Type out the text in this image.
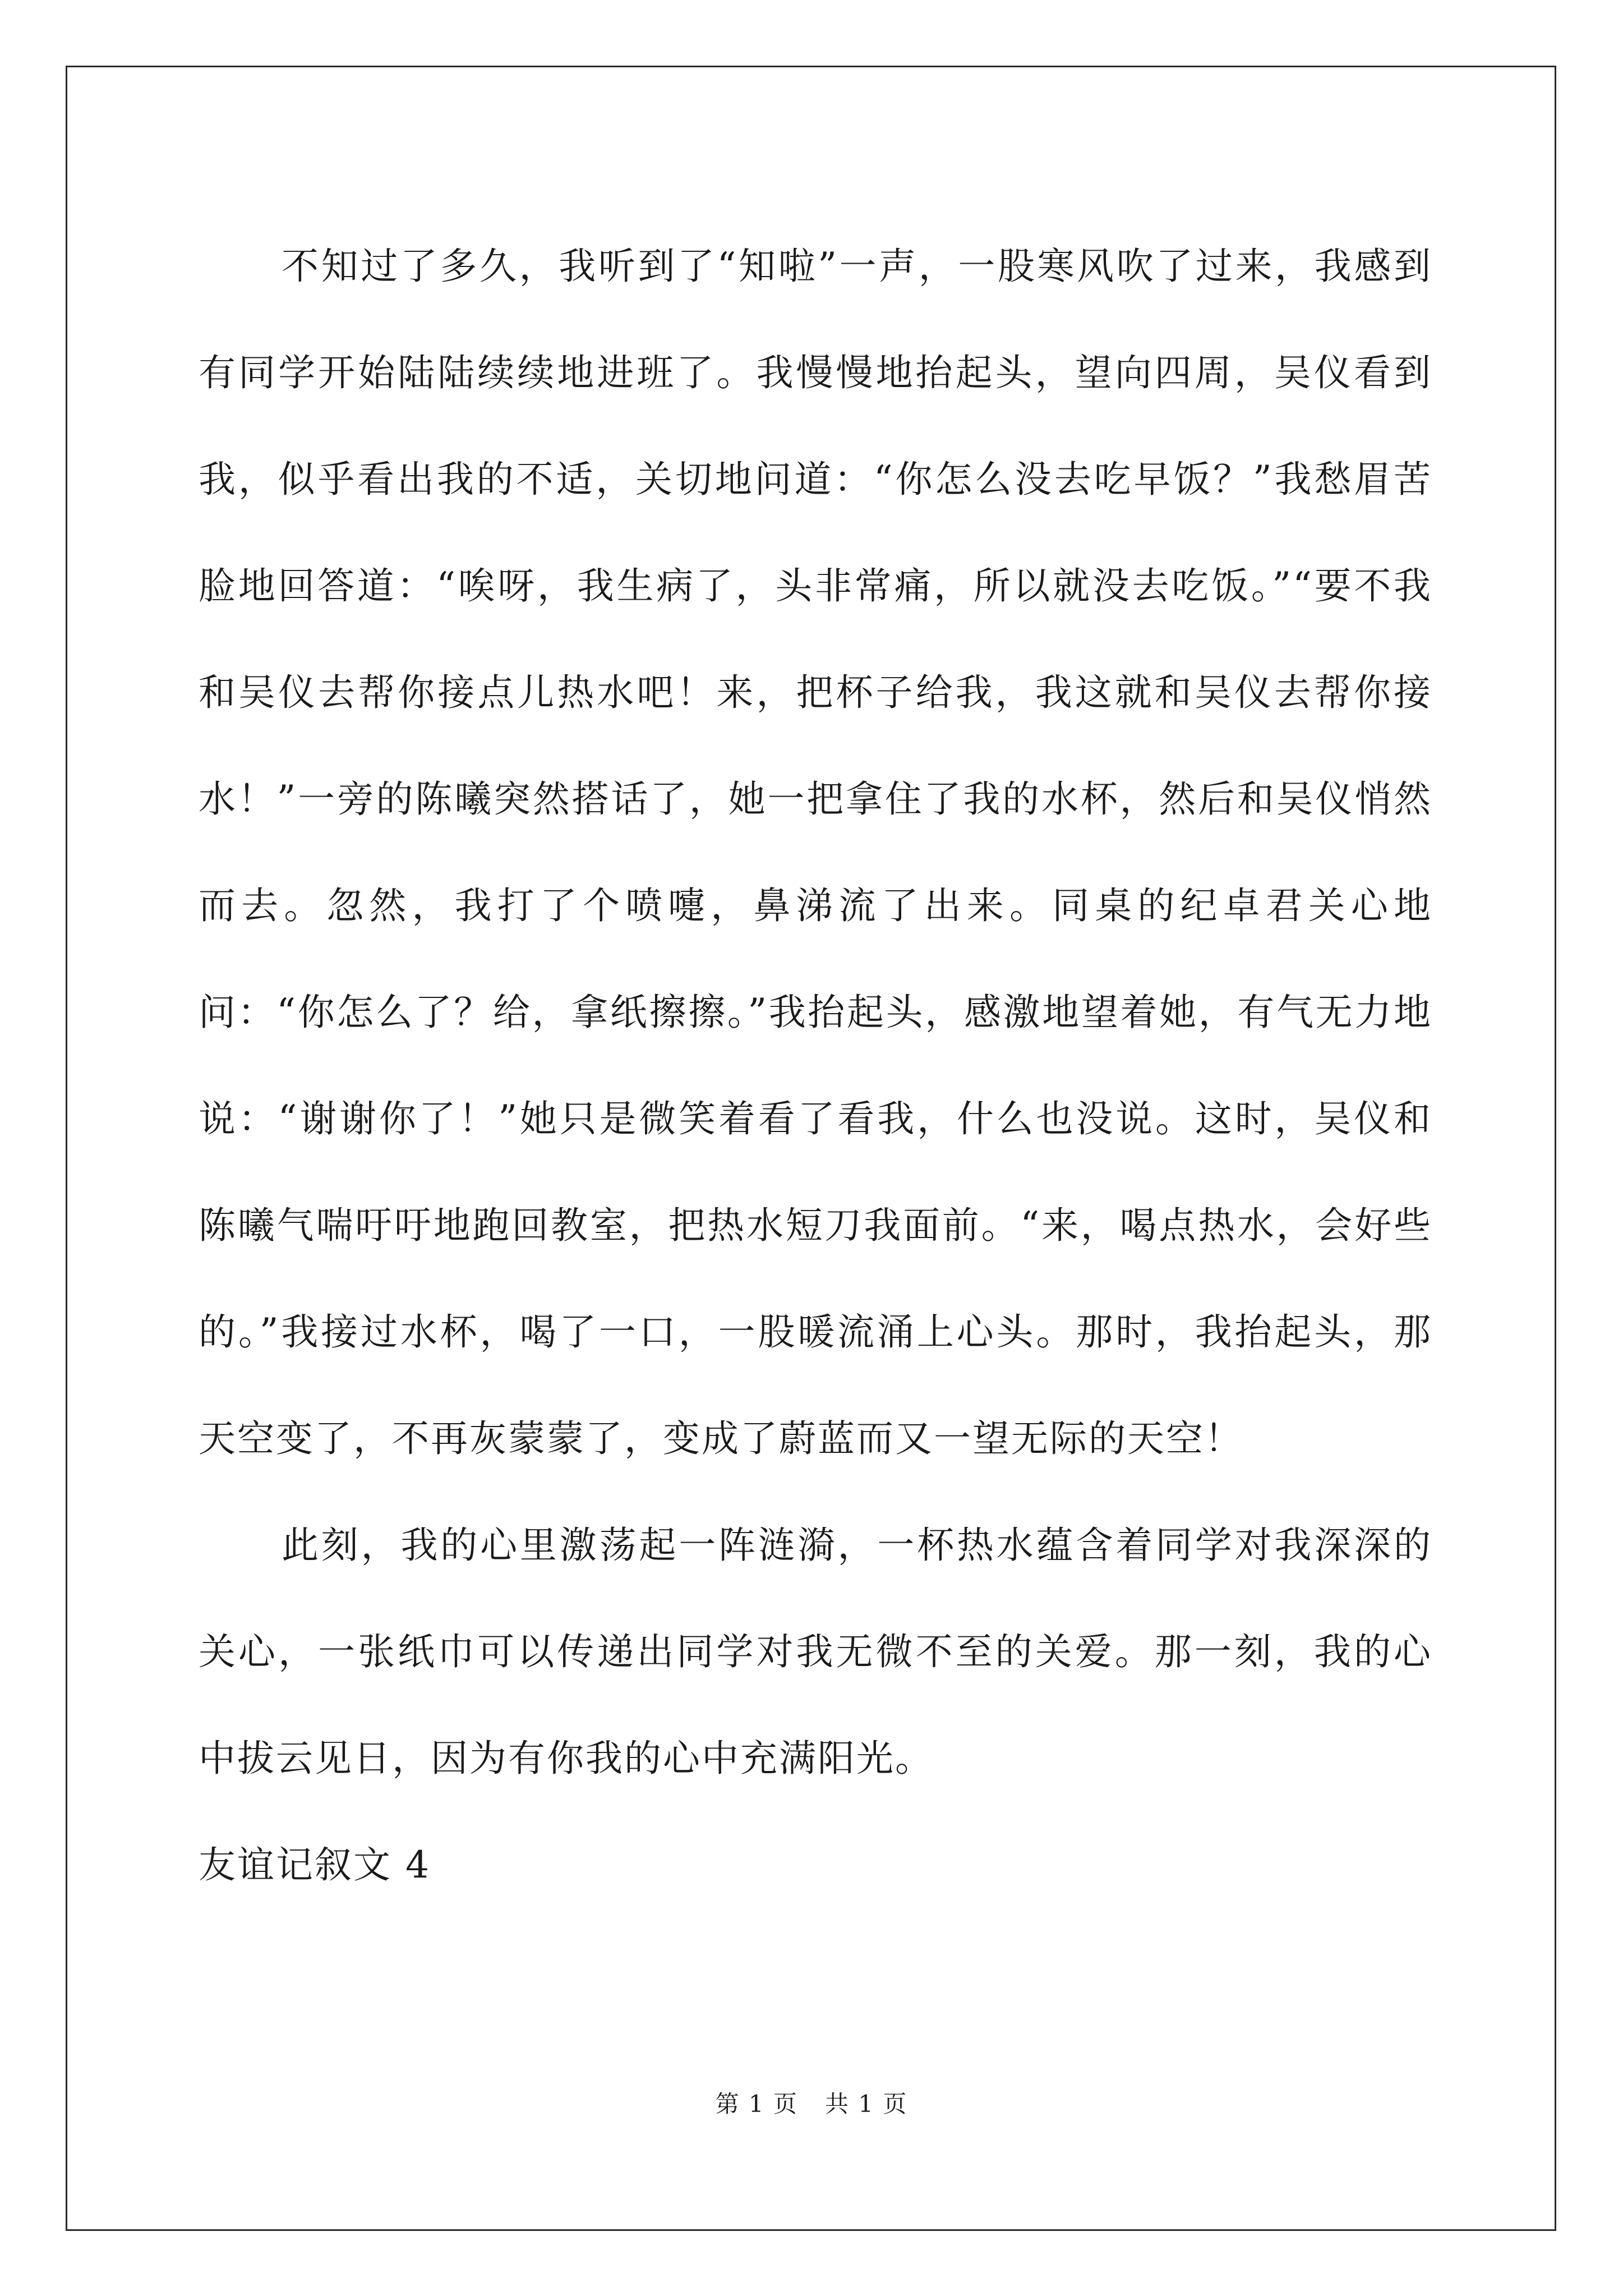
不知过了多久，我听到了“知啦”一声，一股寒风吹了过来，我感到有同学开始陆陆续续地进班了。我慢慢地抬起头，望向四周，吴仪看到我，似乎看出我的不适，关切地问道：“你怎么没去吃早饭？”我愁眉苦脸地回答道：“唉呀，我生病了，头非常痛，所以就没去吃饭。”“要不我和吴仪去帮你接点儿热水吧！来，把杯子给我，我这就和吴仪去帮你接水！”一旁的陈曦突然搭话了，她一把拿住了我的水杯，然后和吴仪悄然而去。忽然，我打了个喷嚏，鼻涕流了出来。同桌的纪卓君关心地问：“你怎么了？给，拿纸擦擦。”我抬起头，感激地望着她，有气无力地说：“谢谢你了！”她只是微笑着看了看我，什么也没说。这时，吴仪和陈曦气喘吁吁地跑回教室，把热水短刀我面前。“来，喝点热水，会好些的。”我接过水杯，喝了一口，一股暖流涌上心头。那时，我抬起头，那天空变了，不再灰蒙蒙了，变成了蔚蓝而又一望无际的天空！

此刻，我的心里激荡起一阵涟漪，一杯热水蕴含着同学对我深深的关心，一张纸巾可以传递出同学对我无微不至的关爱。那一刻，我的心中拔云见日，因为有你我的心中充满阳光。

友谊记叙文 4

第 1 页 共 1 页
